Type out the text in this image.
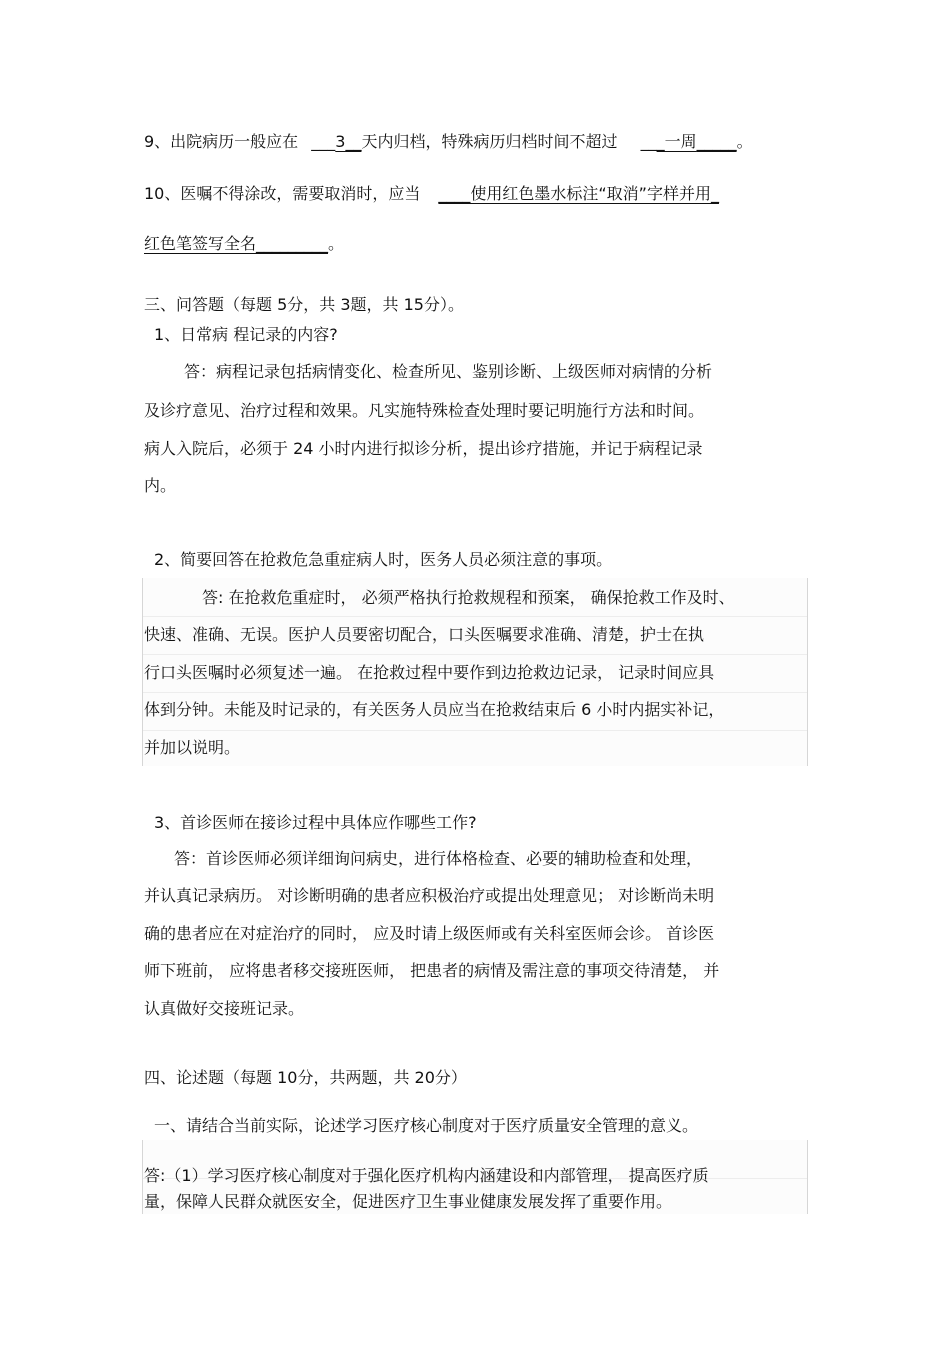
9、出院病历一般应在 ___3__天内归档，特殊病历归档时间不超过 ___一周_____。
10、医嘱不得涂改，需要取消时，应当 ____使用红色墨水标注“取消”字样并用_
红色笔签写全名_________。
三、问答题（每题 5分，共 3题，共 15分）。
1、日常病 程记录的内容?
答：病程记录包括病情变化、检查所见、鉴别诊断、上级医师对病情的分析
及诊疗意见、治疗过程和效果。凡实施特殊检查处理时要记明施行方法和时间。
病人入院后，必须于 24 小时内进行拟诊分析，提出诊疗措施，并记于病程记录
内。
2、简要回答在抢救危急重症病人时，医务人员必须注意的事项。
答: 在抢救危重症时， 必须严格执行抢救规程和预案， 确保抢救工作及时、
快速、准确、无误。医护人员要密切配合，口头医嘱要求准确、清楚，护士在执
行口头医嘱时必须复述一遍。 在抢救过程中要作到边抢救边记录， 记录时间应具
体到分钟。未能及时记录的，有关医务人员应当在抢救结束后 6 小时内据实补记，
并加以说明。
3、首诊医师在接诊过程中具体应作哪些工作?
答：首诊医师必须详细询问病史，进行体格检查、必要的辅助检查和处理，
并认真记录病历。 对诊断明确的患者应积极治疗或提出处理意见； 对诊断尚未明
确的患者应在对症治疗的同时， 应及时请上级医师或有关科室医师会诊。 首诊医
师下班前， 应将患者移交接班医师， 把患者的病情及需注意的事项交待清楚， 并
认真做好交接班记录。
四、论述题（每题 10分，共两题，共 20分）
一、请结合当前实际，论述学习医疗核心制度对于医疗质量安全管理的意义。
答:（1）学习医疗核心制度对于强化医疗机构内涵建设和内部管理， 提高医疗质
量，保障人民群众就医安全，促进医疗卫生事业健康发展发挥了重要作用。
